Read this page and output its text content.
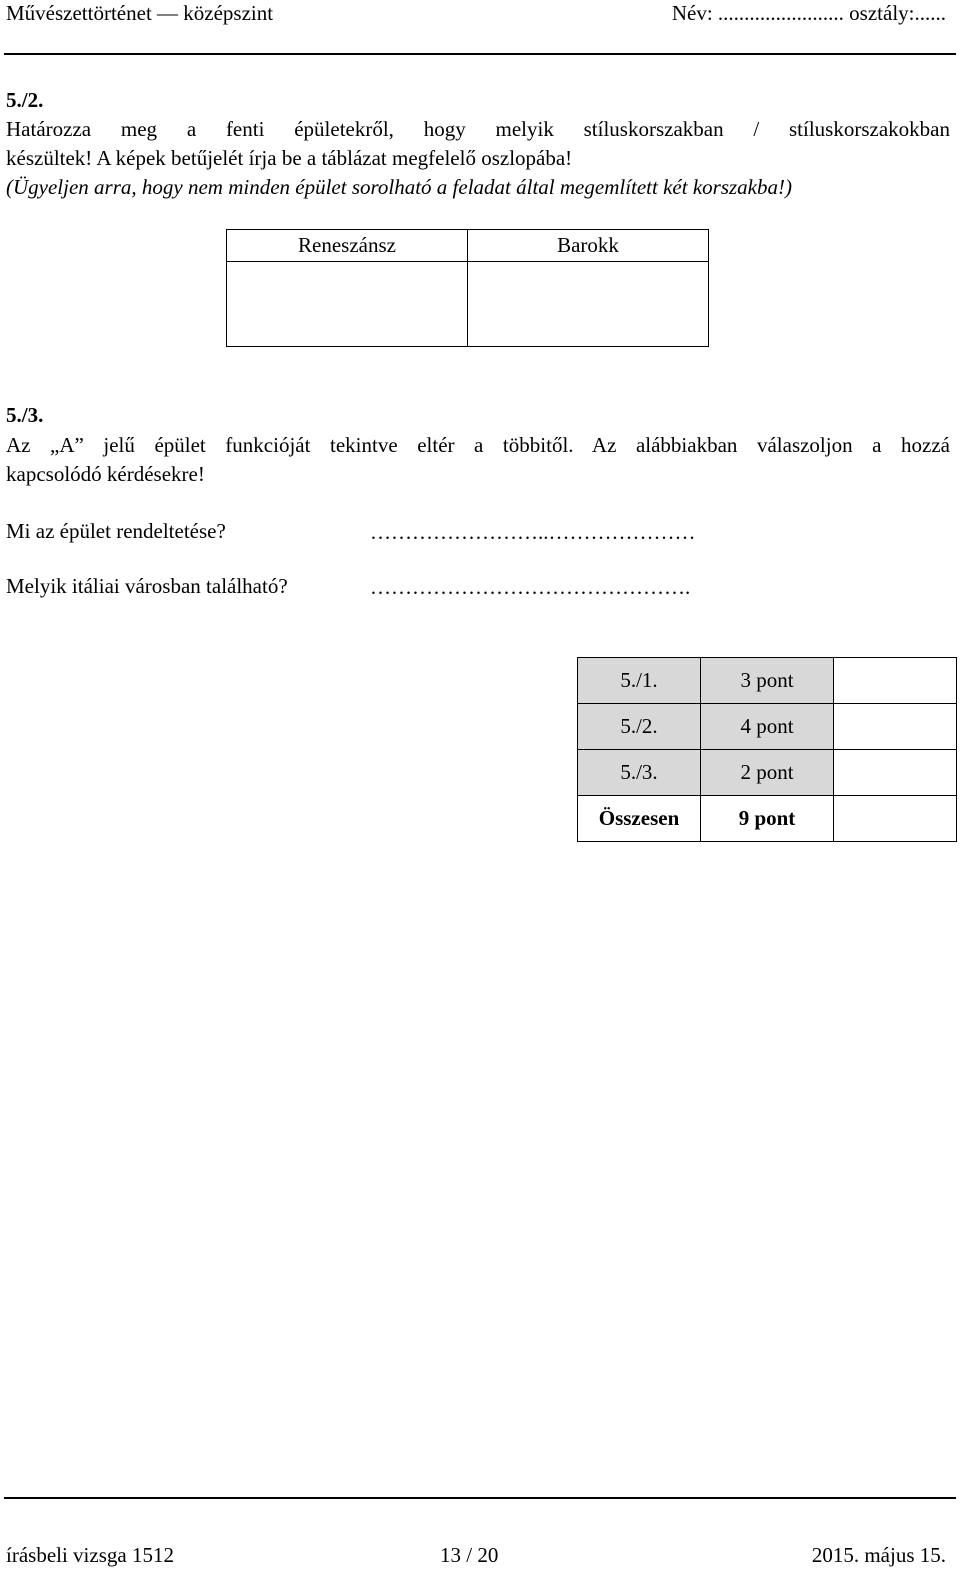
Művészettörténet — középszint	Név: ........................ osztály:......
5./2.
Határozza meg a fenti épületekről, hogy melyik stíluskorszakban / stíluskorszakokban
készültek! A képek betűjelét írja be a táblázat megfelelő oszlopába!
(Ügyeljen arra, hogy nem minden épület sorolható a feladat által megemlített két korszakba!)
Reneszánsz	Barokk

5./3.
Az „A” jelű épület funkcióját tekintve eltér a többitől. Az alábbiakban válaszoljon a hozzá
kapcsolódó kérdésekre!
Mi az épület rendeltetése?	……………………..…………………
Melyik itáliai városban található?	……………………………………….
5./1.	3 pont	
5./2.	4 pont	
5./3.	2 pont	
Összesen	9 pont	
írásbeli vizsga 1512	13 / 20	2015. május 15.
